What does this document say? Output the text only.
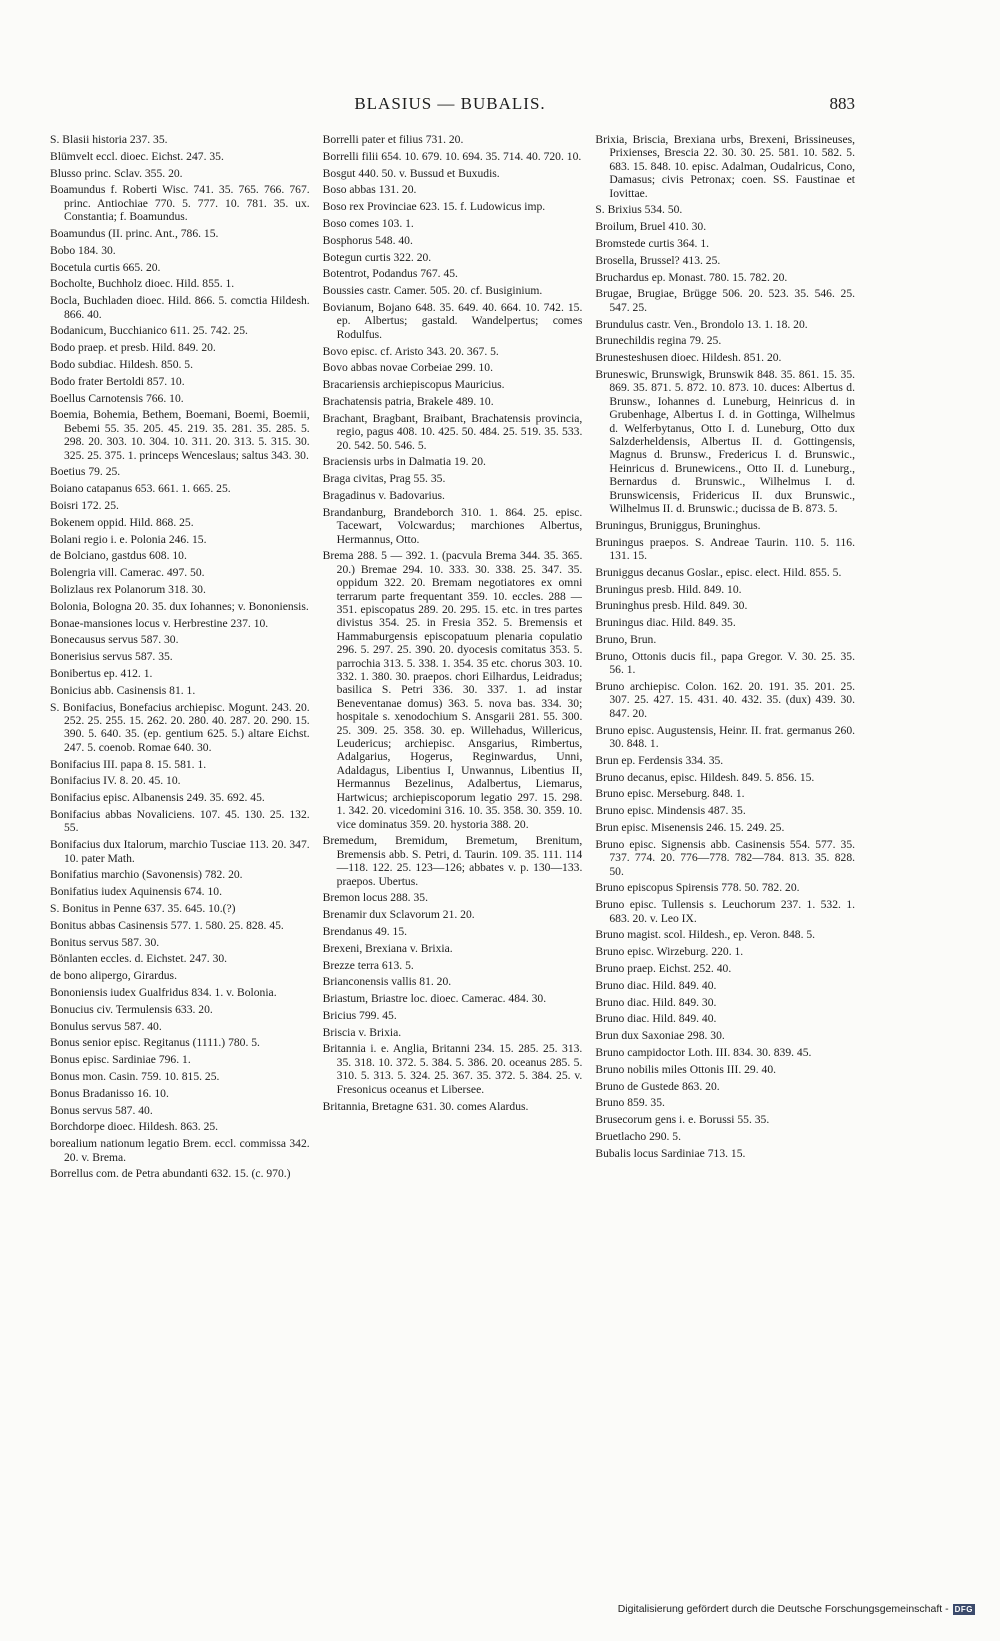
BLASIUS — BUBALIS.	883
S. Blasii historia 237. 35.
Blümvelt eccl. dioec. Eichst. 247. 35.
Blusso princ. Sclav. 355. 20.
Boamundus f. Roberti Wisc. 741. 35. 765. 766. 767. princ. Antiochiae 770. 5. 777. 10. 781. 35. ux. Constantia; f. Boamundus.
Boamundus (II. princ. Ant., 786. 15.
Bobo 184. 30.
Bocetula curtis 665. 20.
Bocholte, Buchholz dioec. Hild. 855. 1.
Bocla, Buchladen dioec. Hild. 866. 5. comctia Hildesh. 866. 40.
Bodanicum, Bucchianico 611. 25. 742. 25.
Bodo praep. et presb. Hild. 849. 20.
Bodo subdiac. Hildesh. 850. 5.
Bodo frater Bertoldi 857. 10.
Boellus Carnotensis 766. 10.
Boemia, Bohemia, Bethem, Boemani, Boemi, Boemii, Bebemi 55. 35. 205. 45. 219. 35. 281. 35. 285. 5. 298. 20. 303. 10. 304. 10. 311. 20. 313. 5. 315. 30. 325. 25. 375. 1. princeps Wenceslaus; saltus 343. 30.
Boetius 79. 25.
Boiano catapanus 653. 661. 1. 665. 25.
Boisri 172. 25.
Bokenem oppid. Hild. 868. 25.
Bolani regio i. e. Polonia 246. 15.
de Bolciano, gastdus 608. 10.
Bolengria vill. Camerac. 497. 50.
Bolizlaus rex Polanorum 318. 30.
Bolonia, Bologna 20. 35. dux Iohannes; v. Bononiensis.
Bonae-mansiones locus v. Herbrestine 237. 10.
Bonecausus servus 587. 30.
Bonerisius servus 587. 35.
Bonibertus ep. 412. 1.
Bonicius abb. Casinensis 81. 1.
S. Bonifacius, Bonefacius archiepisc. Mogunt. 243. 20. 252. 25. 255. 15. 262. 20. 280. 40. 287. 20. 290. 15. 390. 5. 640. 35. (ep. gentium 625. 5.) altare Eichst. 247. 5. coenob. Romae 640. 30.
Bonifacius III. papa 8. 15. 581. 1.
Bonifacius IV. 8. 20. 45. 10.
Bonifacius episc. Albanensis 249. 35. 692. 45.
Bonifacius abbas Novaliciens. 107. 45. 130. 25. 132. 55.
Bonifacius dux Italorum, marchio Tusciae 113. 20. 347. 10. pater Math.
Bonifatius marchio (Savonensis) 782. 20.
Bonifatius iudex Aquinensis 674. 10.
S. Bonitus in Penne 637. 35. 645. 10.(?)
Bonitus abbas Casinensis 577. 1. 580. 25. 828. 45.
Bonitus servus 587. 30.
Bönlanten eccles. d. Eichstet. 247. 30.
de bono alipergo, Girardus.
Bononiensis iudex Gualfridus 834. 1. v. Bolonia.
Bonucius civ. Termulensis 633. 20.
Bonulus servus 587. 40.
Bonus senior episc. Regitanus (1111.) 780. 5.
Bonus episc. Sardiniae 796. 1.
Bonus mon. Casin. 759. 10. 815. 25.
Bonus Bradanisso 16. 10.
Bonus servus 587. 40.
Borchdorpe dioec. Hildesh. 863. 25.
borealium nationum legatio Brem. eccl. commissa 342. 20. v. Brema.
Borrellus com. de Petra abundanti 632. 15. (c. 970.)
Borrelli pater et filius 731. 20.
Borrelli filii 654. 10. 679. 10. 694. 35. 714. 40. 720. 10.
Bosgut 440. 50. v. Bussud et Buxudis.
Boso abbas 131. 20.
Boso rex Provinciae 623. 15. f. Ludowicus imp.
Boso comes 103. 1.
Bosphorus 548. 40.
Botegun curtis 322. 20.
Botentrot, Podandus 767. 45.
Boussies castr. Camer. 505. 20. cf. Busiginium.
Bovianum, Bojano 648. 35. 649. 40. 664. 10. 742. 15. ep. Albertus; gastald. Wandelpertus; comes Rodulfus.
Bovo episc. cf. Aristo 343. 20. 367. 5.
Bovo abbas novae Corbeiae 299. 10.
Bracariensis archiepiscopus Mauricius.
Brachatensis patria, Brakele 489. 10.
Brachant, Bragbant, Braibant, Brachatensis provincia, regio, pagus 408. 10. 425. 50. 484. 25. 519. 35. 533. 20. 542. 50. 546. 5.
Braciensis urbs in Dalmatia 19. 20.
Braga civitas, Prag 55. 35.
Bragadinus v. Badovarius.
Brandanburg, Brandeborch 310. 1. 864. 25. episc. Tacewart, Volcwardus; marchiones Albertus, Hermannus, Otto.
Brema 288. 5 — 392. 1. (pacvula Brema 344. 35. 365. 20.) Bremae 294. 10. 333. 30. 338. 25. 347. 35. oppidum 322. 20. Bremam negotiatores ex omni terrarum parte frequentant 359. 10. eccles. 288 — 351. episcopatus 289. 20. 295. 15. etc. in tres partes divistus 354. 25. in Fresia 352. 5. Bremensis et Hammaburgensis episcopatuum plenaria copulatio 296. 5. 297. 25. 390. 20. dyocesis comitatus 353. 5. parrochia 313. 5. 338. 1. 354. 35 etc. chorus 303. 10. 332. 1. 380. 30. praepos. chori Eilhardus, Leidradus; basilica S. Petri 336. 30. 337. 1. ad instar Beneventanae domus) 363. 5. nova bas. 334. 30; hospitale s. xenodochium S. Ansgarii 281. 55. 300. 25. 309. 25. 358. 30. ep. Willehadus, Willericus, Leudericus; archiepisc. Ansgarius, Rimbertus, Adalgarius, Hogerus, Reginwardus, Unni, Adaldagus, Libentius I, Unwannus, Libentius II, Hermannus Bezelinus, Adalbertus, Liemarus, Hartwicus; archiepiscoporum legatio 297. 15. 298. 1. 342. 20. vicedomini 316. 10. 35. 358. 30. 359. 10. vice dominatus 359. 20. hystoria 388. 20.
Bremedum, Bremidum, Bremetum, Brenitum, Bremensis abb. S. Petri, d. Taurin. 109. 35. 111. 114—118. 122. 25. 123—126; abbates v. p. 130—133. praepos. Ubertus.
Bremon locus 288. 35.
Brenamir dux Sclavorum 21. 20.
Brendanus 49. 15.
Brexeni, Brexiana v. Brixia.
Brezze terra 613. 5.
Brianconensis vallis 81. 20.
Briastum, Briastre loc. dioec. Camerac. 484. 30.
Bricius 799. 45.
Briscia v. Brixia.
Britannia i. e. Anglia, Britanni 234. 15. 285. 25. 313. 35. 318. 10. 372. 5. 384. 5. 386. 20. oceanus 285. 5. 310. 5. 313. 5. 324. 25. 367. 35. 372. 5. 384. 25. v. Fresonicus oceanus et Libersee.
Britannia, Bretagne 631. 30. comes Alardus.
Brixia, Briscia, Brexiana urbs, Brexeni, Brissineuses, Prixienses, Brescia 22. 30. 30. 25. 581. 10. 582. 5. 683. 15. 848. 10. episc. Adalman, Oudalricus, Cono, Damasus; civis Petronax; coen. SS. Faustinae et Iovittae.
S. Brixius 534. 50.
Broilum, Bruel 410. 30.
Bromstede curtis 364. 1.
Brosella, Brussel? 413. 25.
Bruchardus ep. Monast. 780. 15. 782. 20.
Brugae, Brugiae, Brügge 506. 20. 523. 35. 546. 25. 547. 25.
Brundulus castr. Ven., Brondolo 13. 1. 18. 20.
Brunechildis regina 79. 25.
Brunesteshusen dioec. Hildesh. 851. 20.
Bruneswic, Brunswigk, Brunswik 848. 35. 861. 15. 35. 869. 35. 871. 5. 872. 10. 873. 10. duces: Albertus d. Brunsw., Iohannes d. Luneburg, Heinricus d. in Grubenhage, Albertus I. d. in Gottinga, Wilhelmus d. Welferbytanus, Otto I. d. Luneburg, Otto dux Salzderheldensis, Albertus II. d. Gottingensis, Magnus d. Brunsw., Fredericus I. d. Brunswic., Heinricus d. Brunewicens., Otto II. d. Luneburg., Bernardus d. Brunswic., Wilhelmus I. d. Brunswicensis, Fridericus II. dux Brunswic., Wilhelmus II. d. Brunswic.; ducissa de B. 873. 5.
Bruningus, Bruniggus, Bruninghus.
Bruningus praepos. S. Andreae Taurin. 110. 5. 116. 131. 15.
Bruniggus decanus Goslar., episc. elect. Hild. 855. 5.
Bruningus presb. Hild. 849. 10.
Bruninghus presb. Hild. 849. 30.
Bruningus diac. Hild. 849. 35.
Bruno, Brun.
Bruno, Ottonis ducis fil., papa Gregor. V. 30. 25. 35. 56. 1.
Bruno archiepisc. Colon. 162. 20. 191. 35. 201. 25. 307. 25. 427. 15. 431. 40. 432. 35. (dux) 439. 30. 847. 20.
Bruno episc. Augustensis, Heinr. II. frat. germanus 260. 30. 848. 1.
Brun ep. Ferdensis 334. 35.
Bruno decanus, episc. Hildesh. 849. 5. 856. 15.
Bruno episc. Merseburg. 848. 1.
Bruno episc. Mindensis 487. 35.
Brun episc. Misenensis 246. 15. 249. 25.
Bruno episc. Signensis abb. Casinensis 554. 577. 35. 737. 774. 20. 776—778. 782—784. 813. 35. 828. 50.
Bruno episcopus Spirensis 778. 50. 782. 20.
Bruno episc. Tullensis s. Leuchorum 237. 1. 532. 1. 683. 20. v. Leo IX.
Bruno magist. scol. Hildesh., ep. Veron. 848. 5.
Bruno episc. Wirzeburg. 220. 1.
Bruno praep. Eichst. 252. 40.
Bruno diac. Hild. 849. 40.
Bruno diac. Hild. 849. 30.
Bruno diac. Hild. 849. 40.
Brun dux Saxoniae 298. 30.
Bruno campidoctor Loth. III. 834. 30. 839. 45.
Bruno nobilis miles Ottonis III. 29. 40.
Bruno de Gustede 863. 20.
Bruno 859. 35.
Brusecorum gens i. e. Borussi 55. 35.
Bruetlacho 290. 5.
Bubalis locus Sardiniae 713. 15.
Digitalisierung gefördert durch die Deutsche Forschungsgemeinschaft - DFG
